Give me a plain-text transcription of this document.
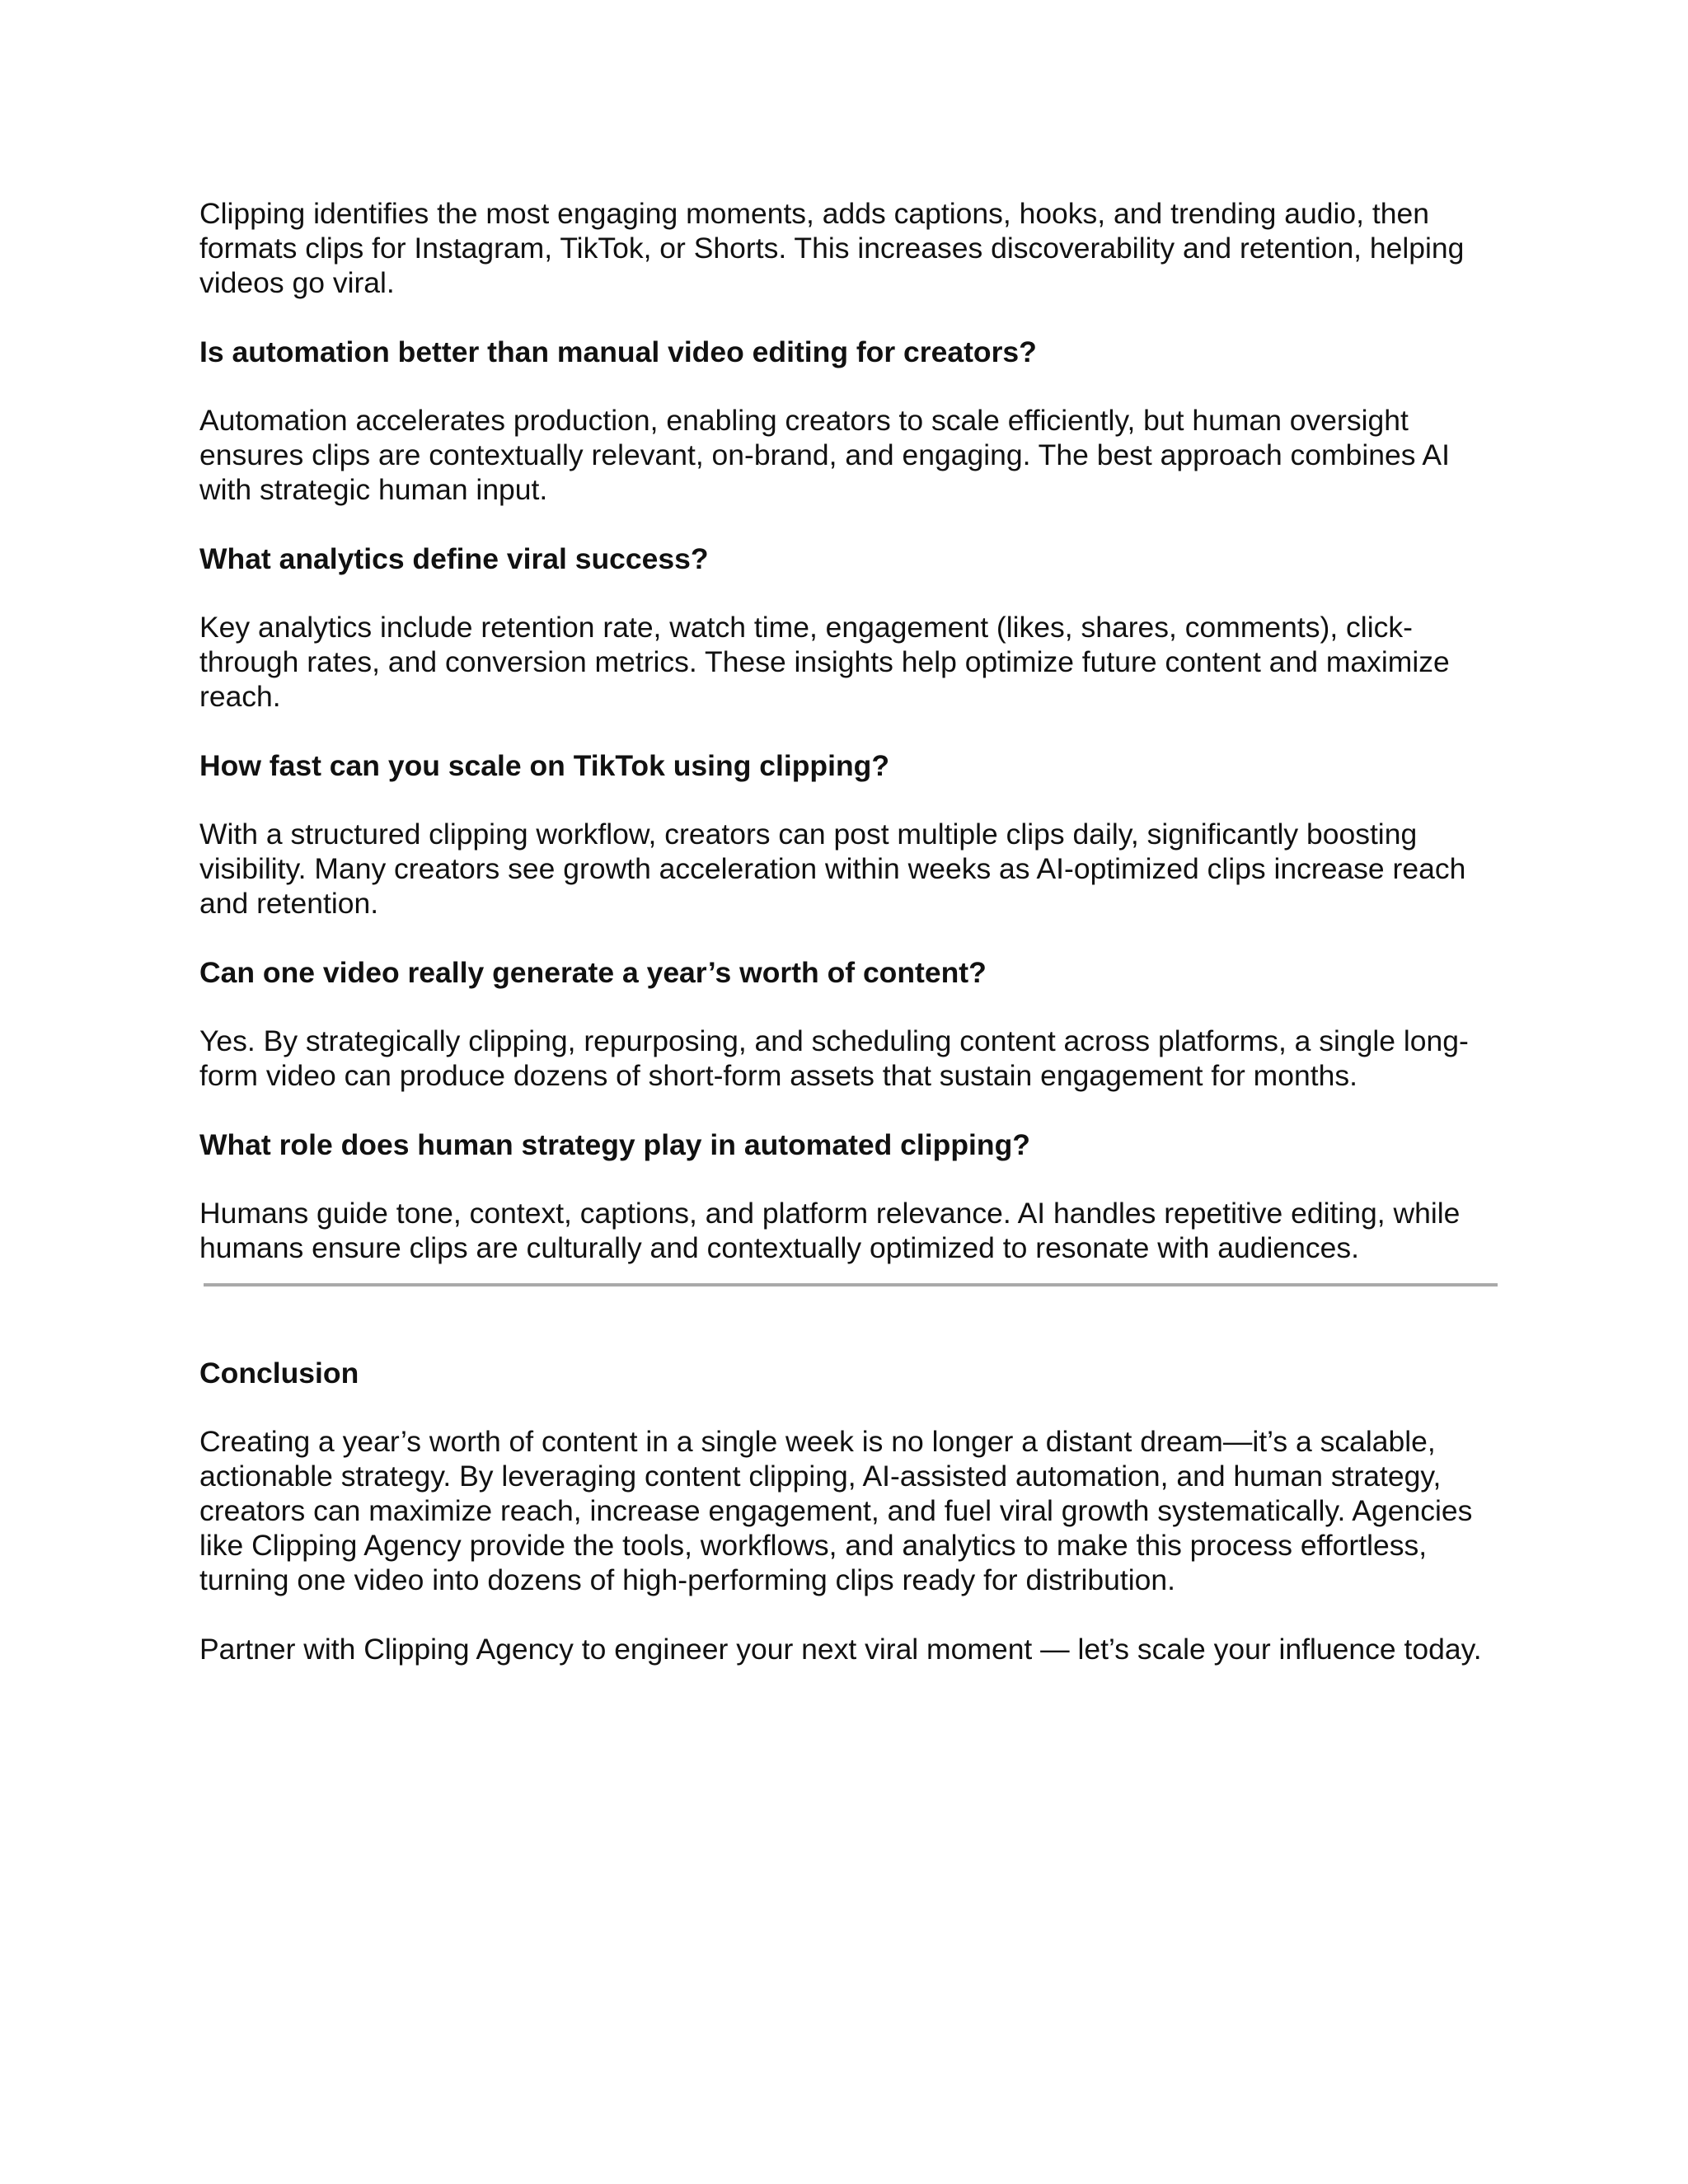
Clipping identifies the most engaging moments, adds captions, hooks, and trending audio, then formats clips for Instagram, TikTok, or Shorts. This increases discoverability and retention, helping videos go viral.

Is automation better than manual video editing for creators?

Automation accelerates production, enabling creators to scale efficiently, but human oversight ensures clips are contextually relevant, on-brand, and engaging. The best approach combines AI with strategic human input.

What analytics define viral success?

Key analytics include retention rate, watch time, engagement (likes, shares, comments), click-through rates, and conversion metrics. These insights help optimize future content and maximize reach.

How fast can you scale on TikTok using clipping?

With a structured clipping workflow, creators can post multiple clips daily, significantly boosting visibility. Many creators see growth acceleration within weeks as AI-optimized clips increase reach and retention.

Can one video really generate a year’s worth of content?

Yes. By strategically clipping, repurposing, and scheduling content across platforms, a single long-form video can produce dozens of short-form assets that sustain engagement for months.

What role does human strategy play in automated clipping?

Humans guide tone, context, captions, and platform relevance. AI handles repetitive editing, while humans ensure clips are culturally and contextually optimized to resonate with audiences.

Conclusion

Creating a year’s worth of content in a single week is no longer a distant dream—it’s a scalable, actionable strategy. By leveraging content clipping, AI-assisted automation, and human strategy, creators can maximize reach, increase engagement, and fuel viral growth systematically. Agencies like Clipping Agency provide the tools, workflows, and analytics to make this process effortless, turning one video into dozens of high-performing clips ready for distribution.

Partner with Clipping Agency to engineer your next viral moment — let’s scale your influence today.
